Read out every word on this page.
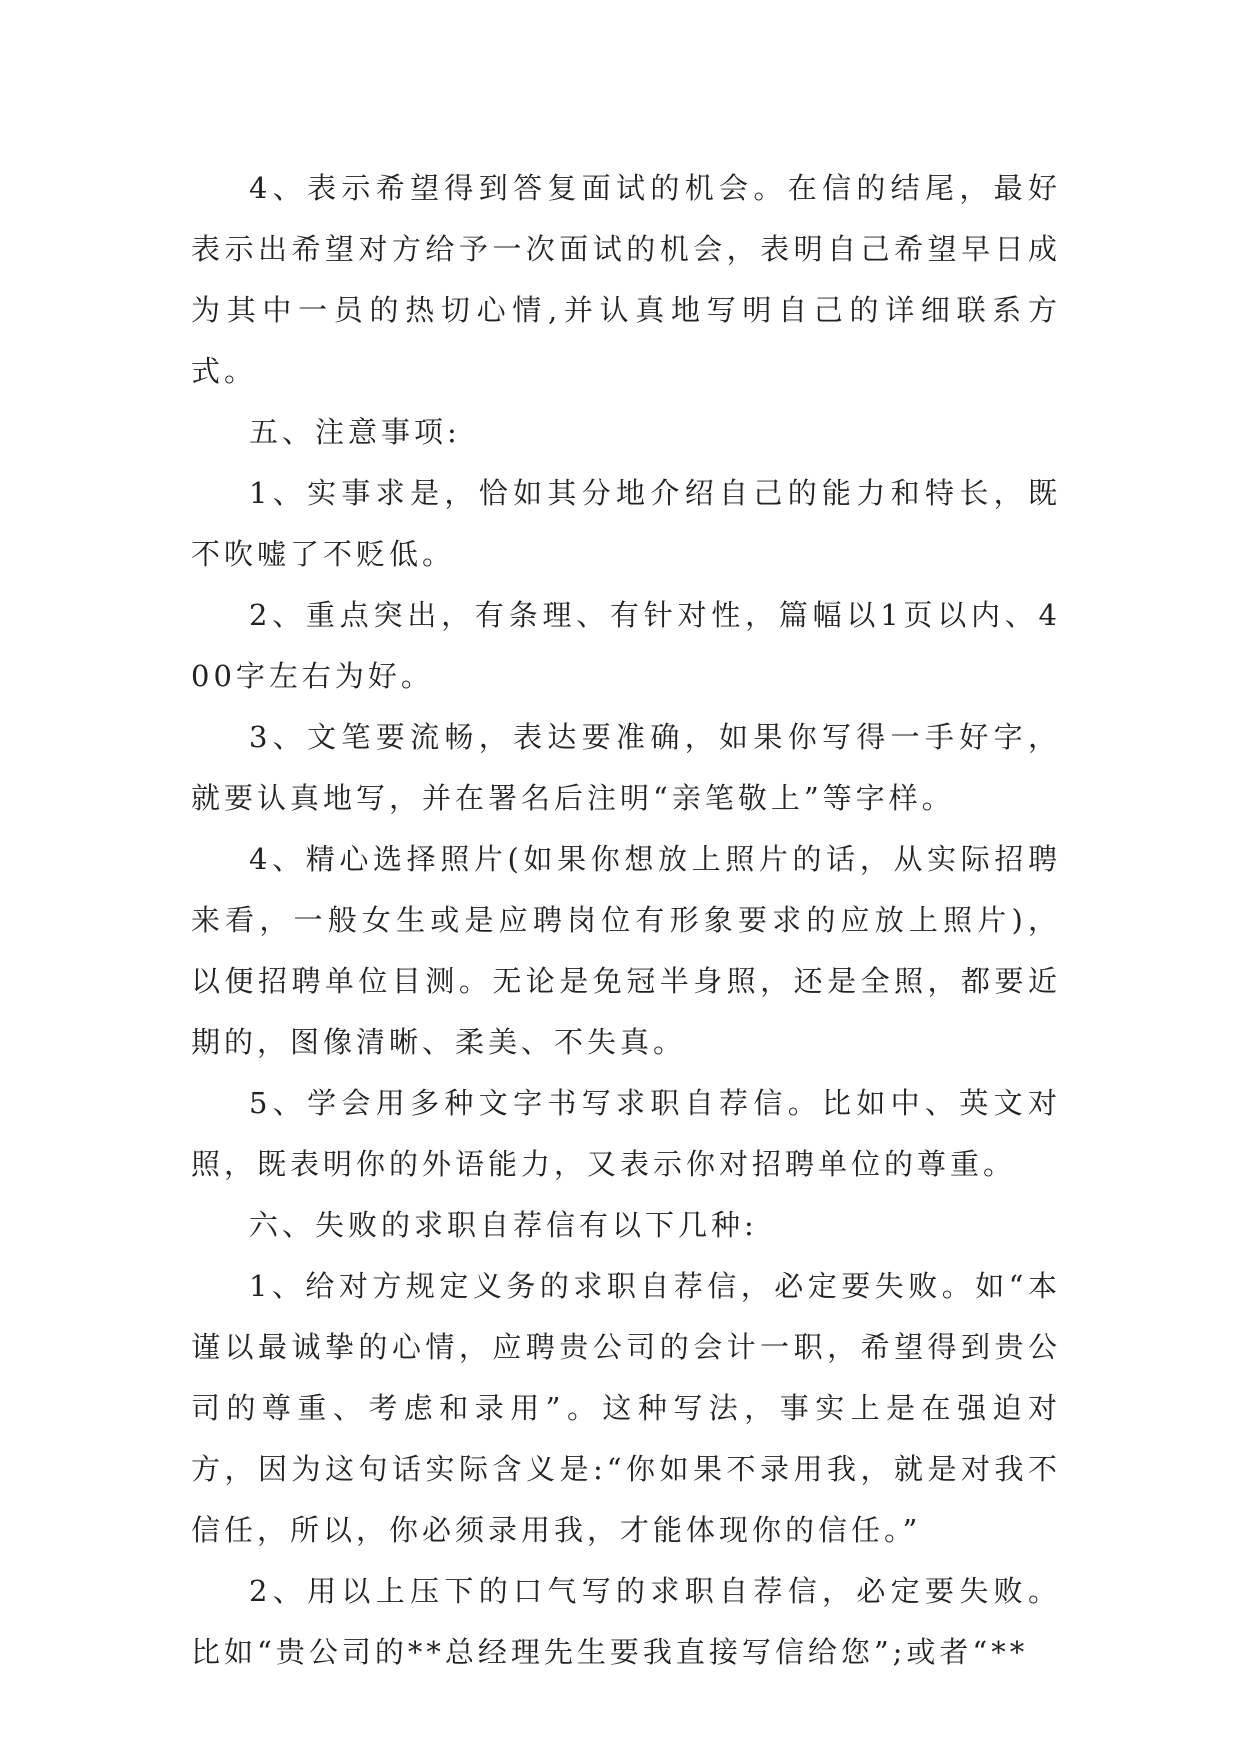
4、表示希望得到答复面试的机会。在信的结尾，最好表示出希望对方给予一次面试的机会，表明自己希望早日成为其中一员的热切心情,并认真地写明自己的详细联系方式。

五、注意事项:

1、实事求是，恰如其分地介绍自己的能力和特长，既不吹嘘了不贬低。

2、重点突出，有条理、有针对性，篇幅以1页以内、400字左右为好。

3、文笔要流畅，表达要准确，如果你写得一手好字，就要认真地写，并在署名后注明“亲笔敬上”等字样。

4、精心选择照片(如果你想放上照片的话，从实际招聘来看，一般女生或是应聘岗位有形象要求的应放上照片)，以便招聘单位目测。无论是免冠半身照，还是全照，都要近期的，图像清晰、柔美、不失真。

5、学会用多种文字书写求职自荐信。比如中、英文对照，既表明你的外语能力，又表示你对招聘单位的尊重。

六、失败的求职自荐信有以下几种:

1、给对方规定义务的求职自荐信，必定要失败。如“本谨以最诚挚的心情，应聘贵公司的会计一职，希望得到贵公司的尊重、考虑和录用”。这种写法，事实上是在强迫对方，因为这句话实际含义是:“你如果不录用我，就是对我不信任，所以，你必须录用我，才能体现你的信任。”

2、用以上压下的口气写的求职自荐信，必定要失败。比如“贵公司的**总经理先生要我直接写信给您”;或者“**
